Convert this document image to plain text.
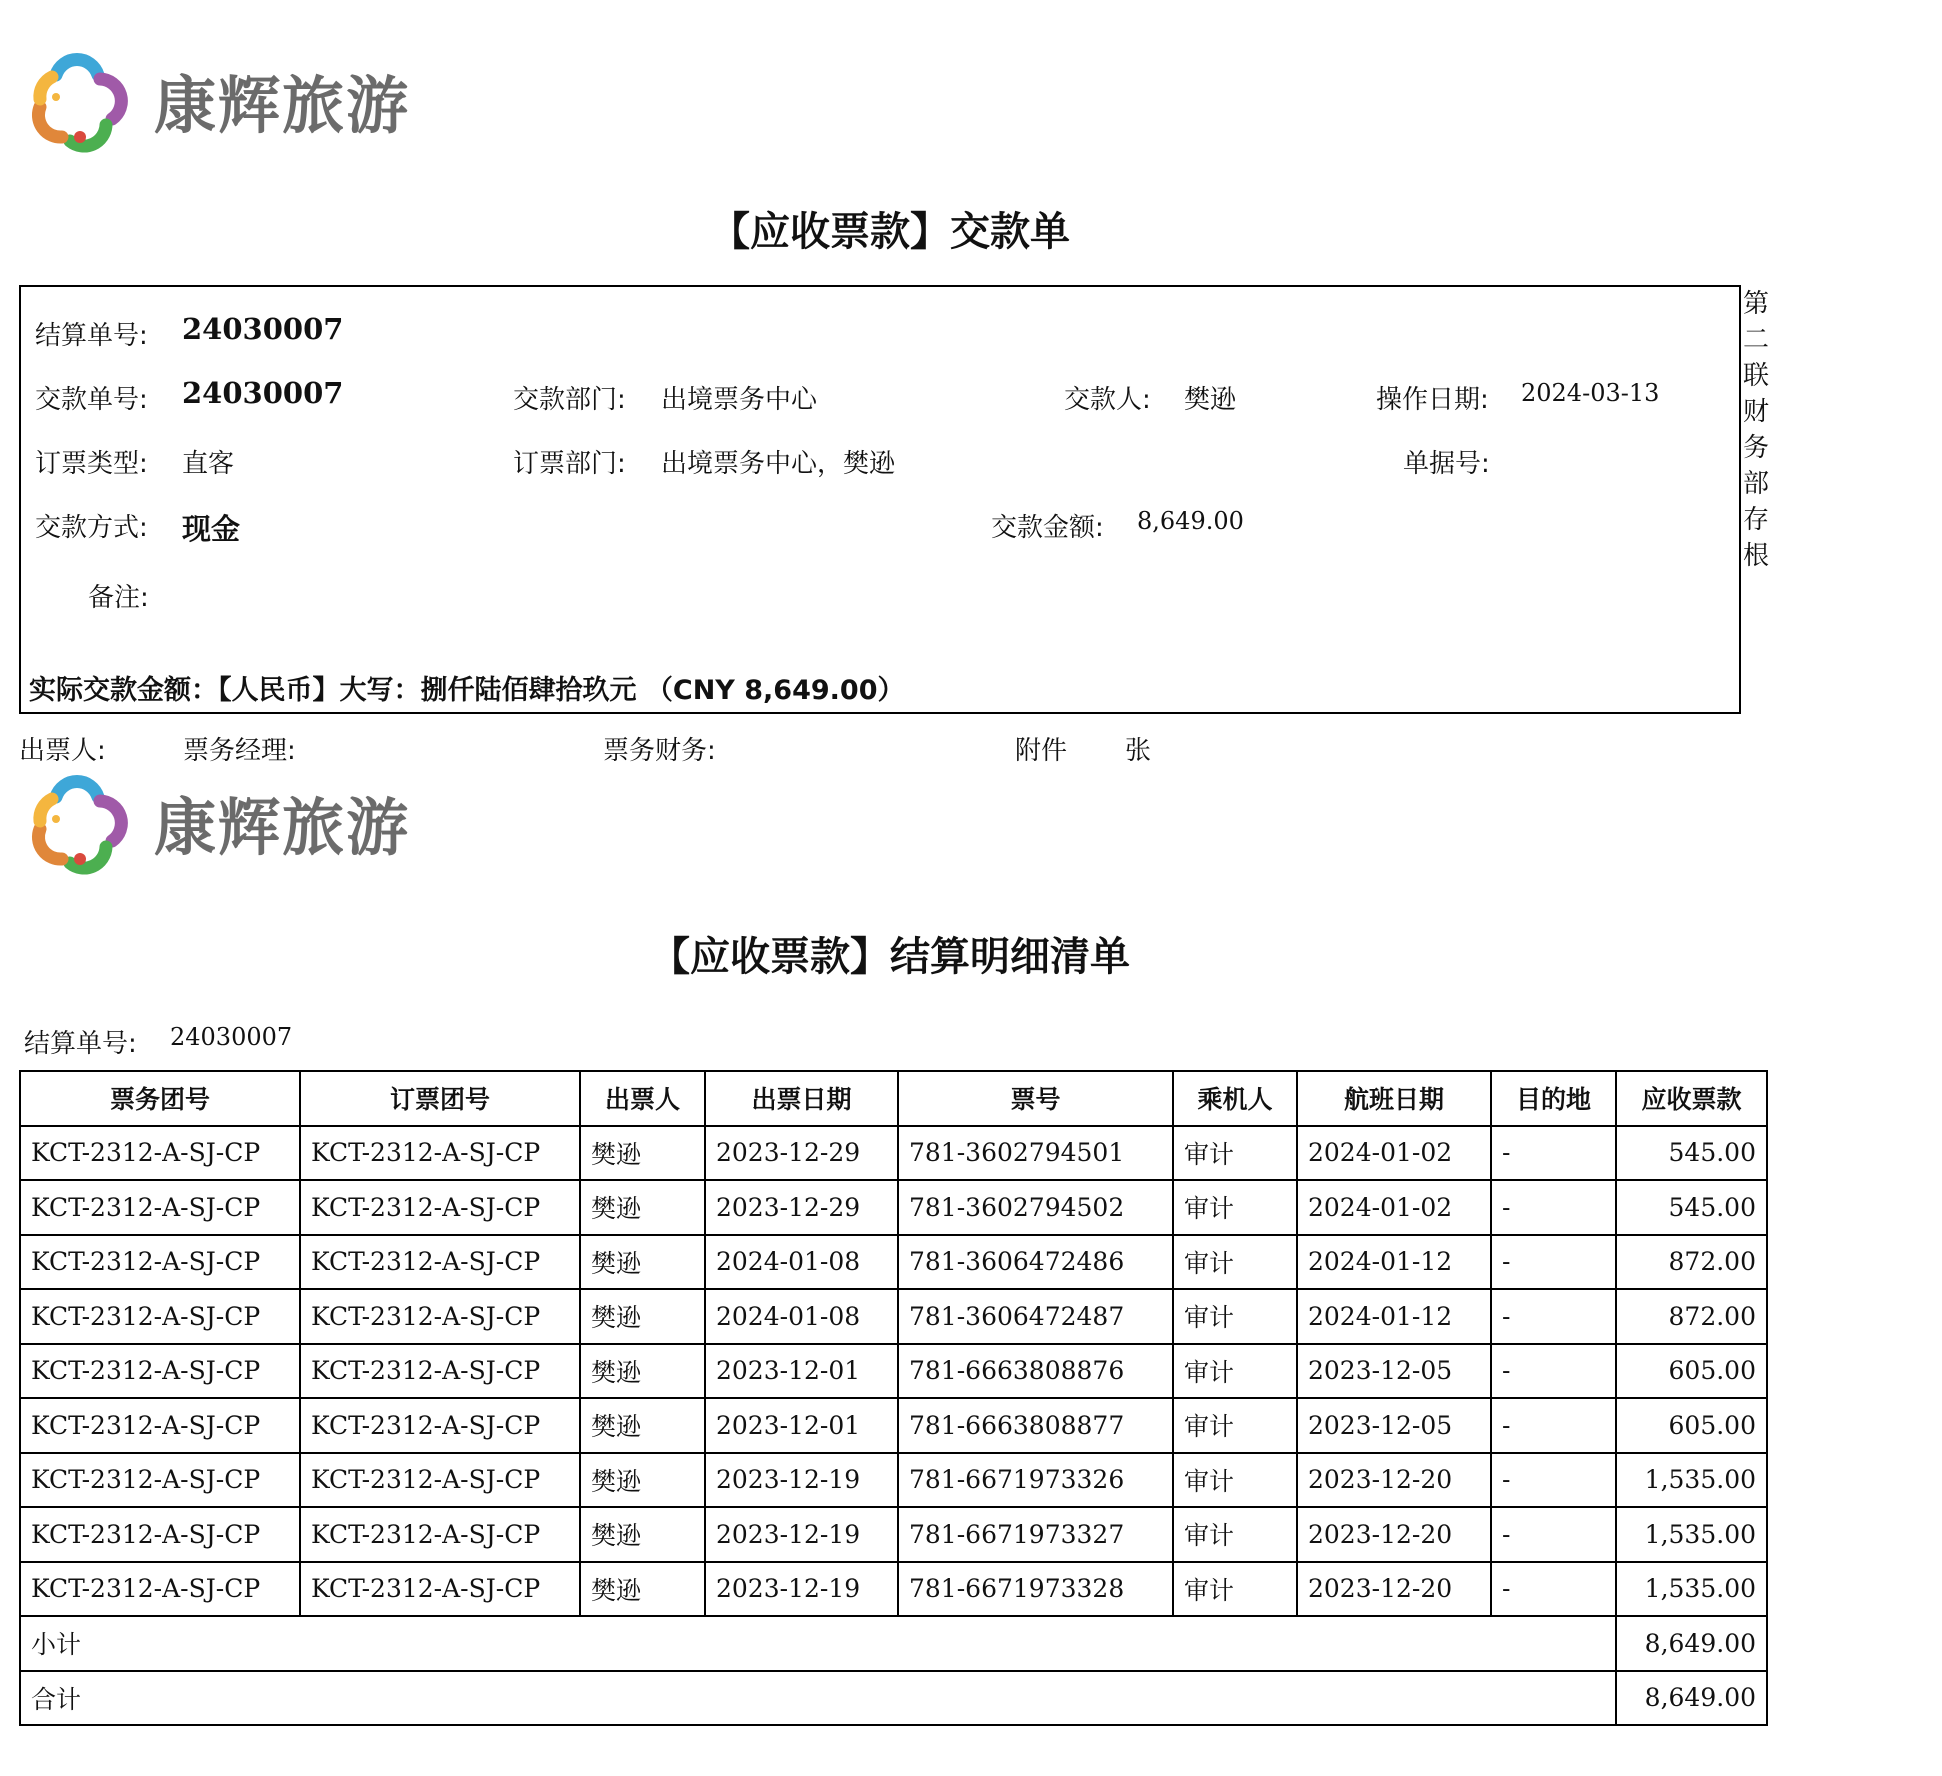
康辉旅游
【应收票款】交款单
结算单号: 24030007
交款单号: 24030007	交款部门: 出境票务中心	交款人: 樊逊	操作日期: 2024-03-13
订票类型: 直客	订票部门: 出境票务中心，樊逊	单据号:
交款方式: 现金	交款金额: 8,649.00
备注:
实际交款金额：【人民币】大写：捌仟陆佰肆拾玖元 （CNY 8,649.00）
第
二
联
财
务
部
存
根
出票人:	票务经理:	票务财务:	附件 张
康辉旅游
【应收票款】结算明细清单
结算单号: 24030007
票务团号	订票团号	出票人	出票日期	票号	乘机人	航班日期	目的地	应收票款
KCT-2312-A-SJ-CP	KCT-2312-A-SJ-CP	樊逊	2023-12-29	781-3602794501	审计	2024-01-02	-	545.00
KCT-2312-A-SJ-CP	KCT-2312-A-SJ-CP	樊逊	2023-12-29	781-3602794502	审计	2024-01-02	-	545.00
KCT-2312-A-SJ-CP	KCT-2312-A-SJ-CP	樊逊	2024-01-08	781-3606472486	审计	2024-01-12	-	872.00
KCT-2312-A-SJ-CP	KCT-2312-A-SJ-CP	樊逊	2024-01-08	781-3606472487	审计	2024-01-12	-	872.00
KCT-2312-A-SJ-CP	KCT-2312-A-SJ-CP	樊逊	2023-12-01	781-6663808876	审计	2023-12-05	-	605.00
KCT-2312-A-SJ-CP	KCT-2312-A-SJ-CP	樊逊	2023-12-01	781-6663808877	审计	2023-12-05	-	605.00
KCT-2312-A-SJ-CP	KCT-2312-A-SJ-CP	樊逊	2023-12-19	781-6671973326	审计	2023-12-20	-	1,535.00
KCT-2312-A-SJ-CP	KCT-2312-A-SJ-CP	樊逊	2023-12-19	781-6671973327	审计	2023-12-20	-	1,535.00
KCT-2312-A-SJ-CP	KCT-2312-A-SJ-CP	樊逊	2023-12-19	781-6671973328	审计	2023-12-20	-	1,535.00
小计								8,649.00
合计								8,649.00
